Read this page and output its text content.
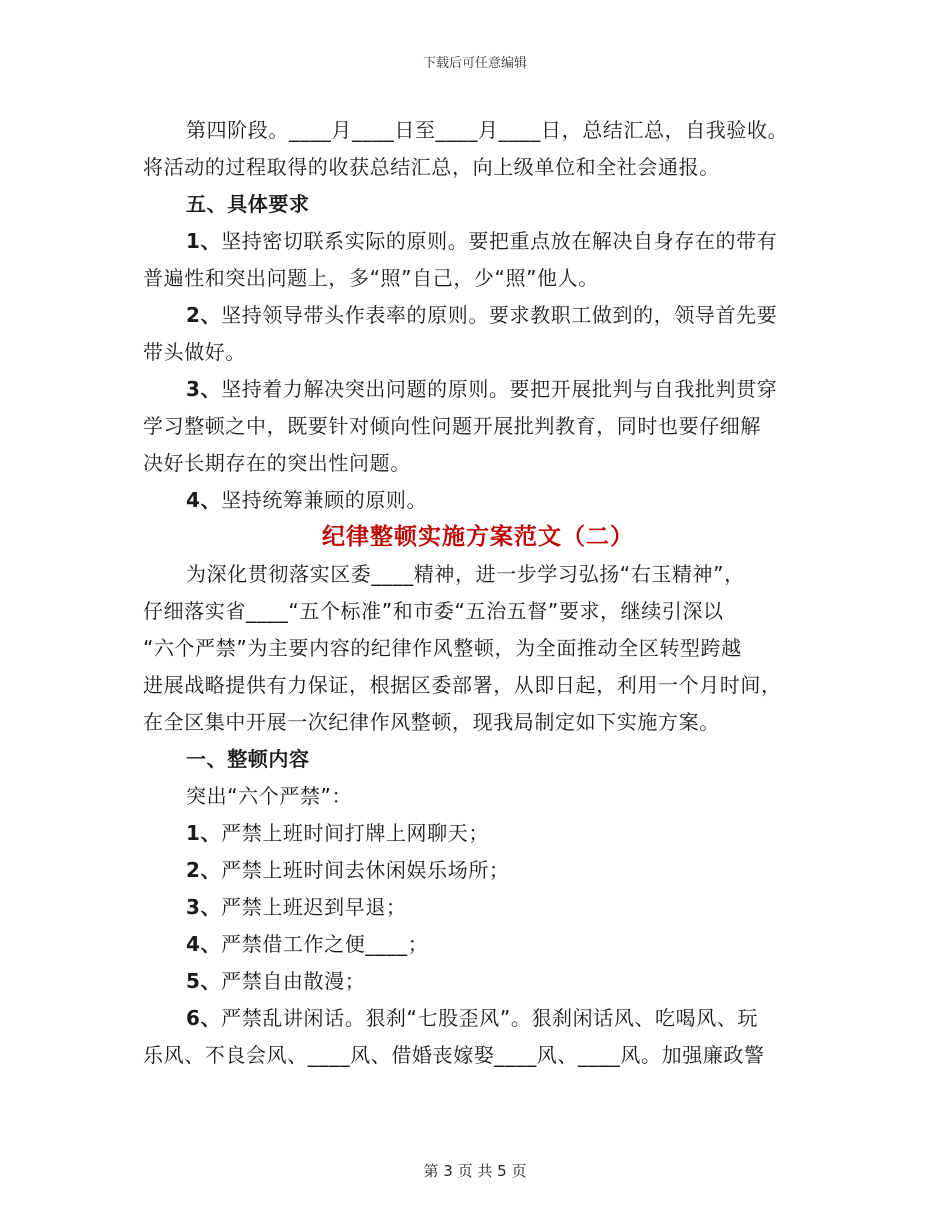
下载后可任意编辑
第四阶段。____月____日至____月____日，总结汇总，自我验收。
将活动的过程取得的收获总结汇总，向上级单位和全社会通报。
五、具体要求
1、坚持密切联系实际的原则。要把重点放在解决自身存在的带有
普遍性和突出问题上，多“照”自己，少“照”他人。
2、坚持领导带头作表率的原则。要求教职工做到的，领导首先要
带头做好。
3、坚持着力解决突出问题的原则。要把开展批判与自我批判贯穿
学习整顿之中，既要针对倾向性问题开展批判教育，同时也要仔细解
决好长期存在的突出性问题。
4、坚持统筹兼顾的原则。
纪律整顿实施方案范文（二）
为深化贯彻落实区委____精神，进一步学习弘扬“右玉精神”，
仔细落实省____“五个标准”和市委“五治五督”要求，继续引深以
“六个严禁”为主要内容的纪律作风整顿，为全面推动全区转型跨越
进展战略提供有力保证，根据区委部署，从即日起，利用一个月时间，
在全区集中开展一次纪律作风整顿，现我局制定如下实施方案。
一、整顿内容
突出“六个严禁”：
1、严禁上班时间打牌上网聊天；
2、严禁上班时间去休闲娱乐场所；
3、严禁上班迟到早退；
4、严禁借工作之便____；
5、严禁自由散漫；
6、严禁乱讲闲话。狠刹“七股歪风”。狠刹闲话风、吃喝风、玩
乐风、不良会风、____风、借婚丧嫁娶____风、____风。加强廉政警
第 3 页 共 5 页
